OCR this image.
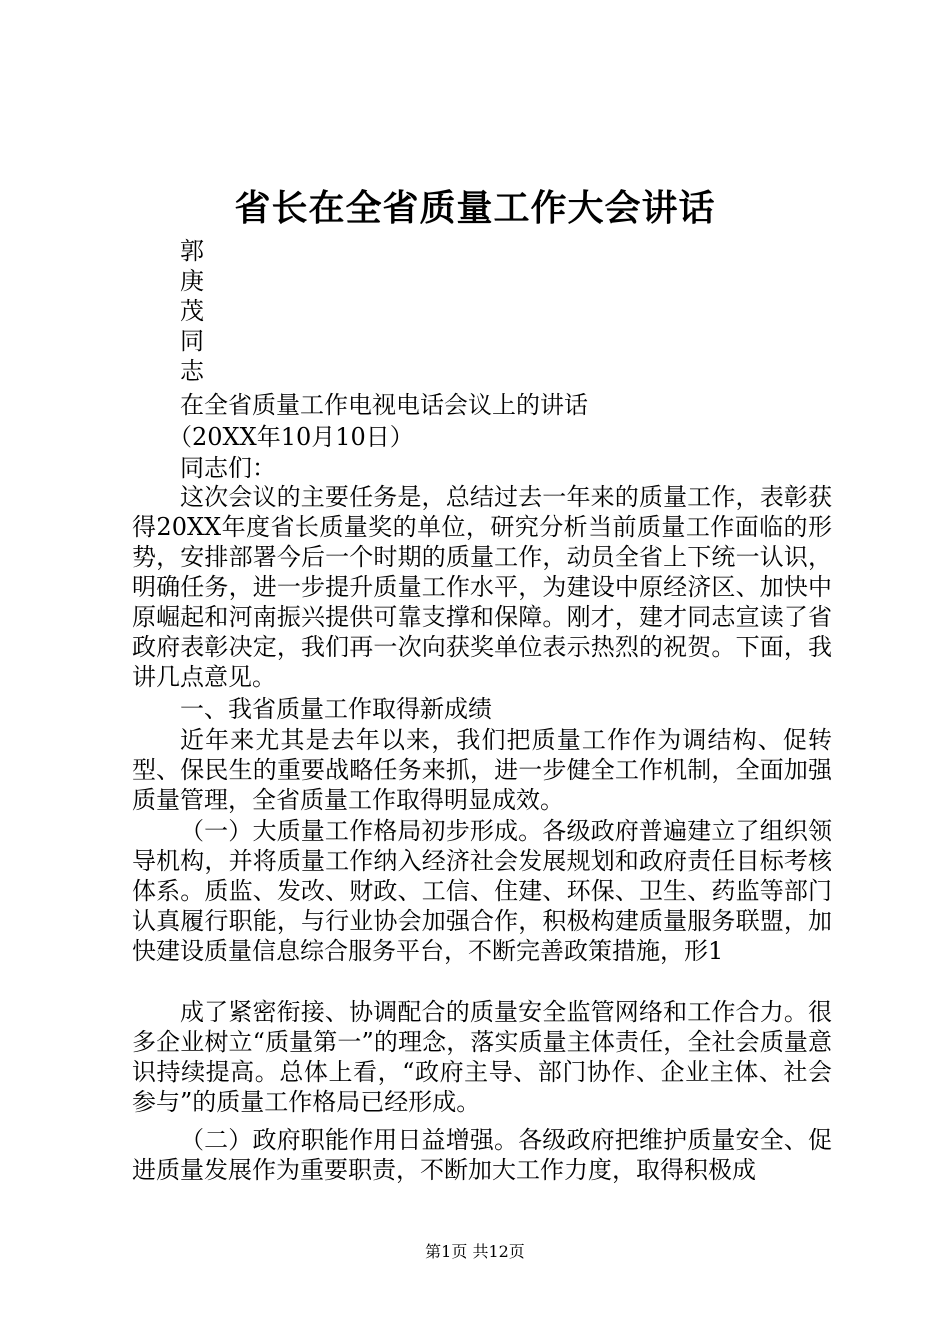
省长在全省质量工作大会讲话
郭
庚
茂
同
志
在全省质量工作电视电话会议上的讲话
（20XX年10月10日）
同志们：

这次会议的主要任务是，总结过去一年来的质量工作，表彰获得20XX年度省长质量奖的单位，研究分析当前质量工作面临的形势，安排部署今后一个时期的质量工作，动员全省上下统一认识，明确任务，进一步提升质量工作水平，为建设中原经济区、加快中原崛起和河南振兴提供可靠支撑和保障。刚才，建才同志宣读了省政府表彰决定，我们再一次向获奖单位表示热烈的祝贺。下面，我讲几点意见。

一、我省质量工作取得新成绩

近年来尤其是去年以来，我们把质量工作作为调结构、促转型、保民生的重要战略任务来抓，进一步健全工作机制，全面加强质量管理，全省质量工作取得明显成效。

（一）大质量工作格局初步形成。各级政府普遍建立了组织领导机构，并将质量工作纳入经济社会发展规划和政府责任目标考核体系。质监、发改、财政、工信、住建、环保、卫生、药监等部门认真履行职能，与行业协会加强合作，积极构建质量服务联盟，加快建设质量信息综合服务平台，不断完善政策措施，形1

成了紧密衔接、协调配合的质量安全监管网络和工作合力。很多企业树立“质量第一”的理念，落实质量主体责任，全社会质量意识持续提高。总体上看，“政府主导、部门协作、企业主体、社会参与”的质量工作格局已经形成。

（二）政府职能作用日益增强。各级政府把维护质量安全、促进质量发展作为重要职责，不断加大工作力度，取得积极成

第1页 共12页
